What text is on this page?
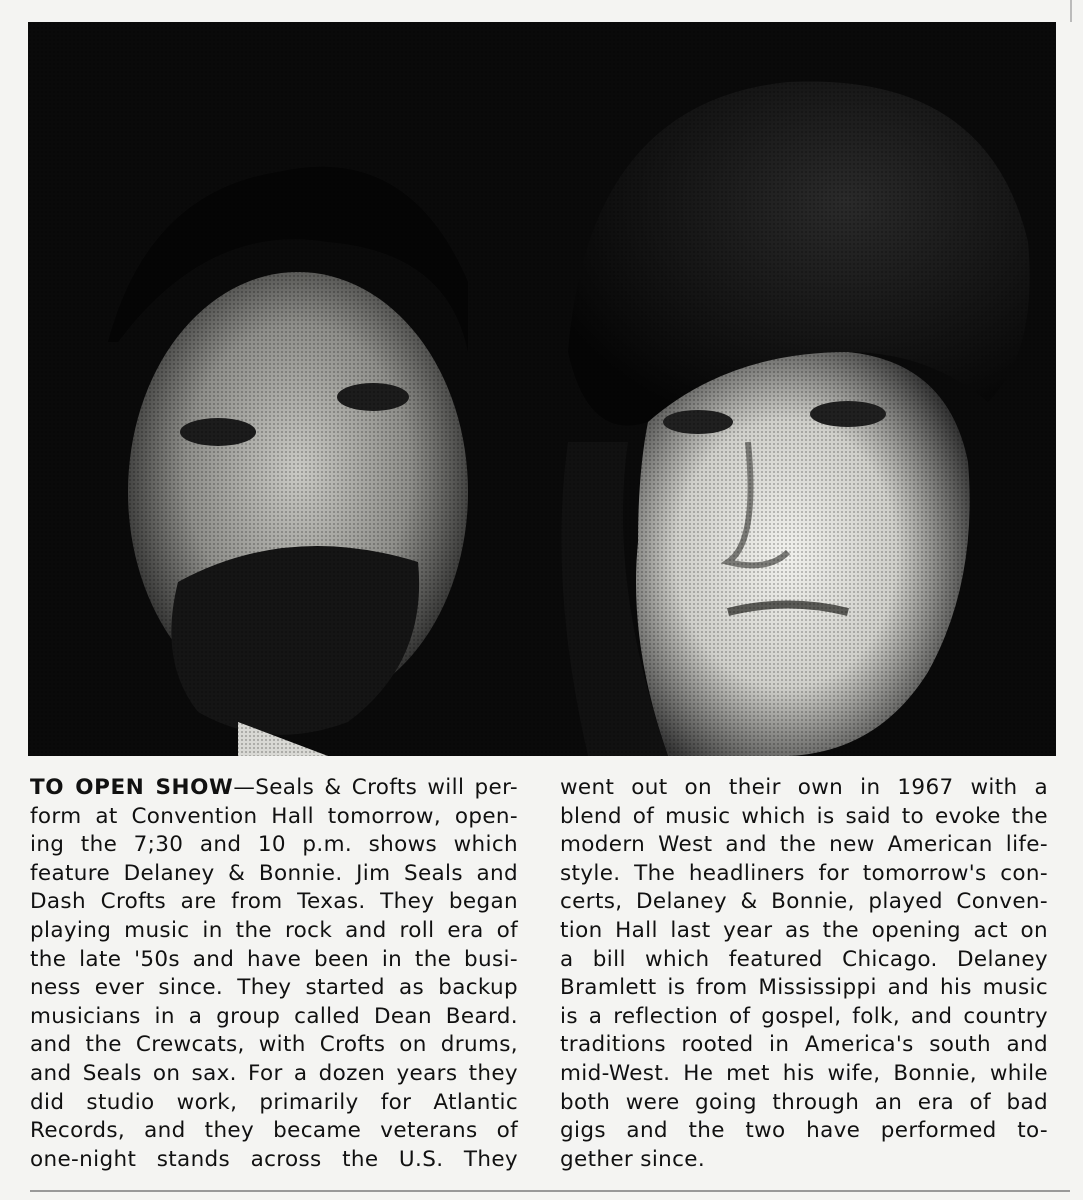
TO OPEN SHOW—Seals & Crofts will per-
form at Convention Hall tomorrow, open-
ing the 7;30 and 10 p.m. shows which
feature Delaney & Bonnie. Jim Seals and
Dash Crofts are from Texas. They began
playing music in the rock and roll era of
the late '50s and have been in the busi-
ness ever since. They started as backup
musicians in a group called Dean Beard.
and the Crewcats, with Crofts on drums,
and Seals on sax. For a dozen years they
did studio work, primarily for Atlantic
Records, and they became veterans of
one-night stands across the U.S. They
went out on their own in 1967 with a
blend of music which is said to evoke the
modern West and the new American life-
style. The headliners for tomorrow's con-
certs, Delaney & Bonnie, played Conven-
tion Hall last year as the opening act on
a bill which featured Chicago. Delaney
Bramlett is from Mississippi and his music
is a reflection of gospel, folk, and country
traditions rooted in America's south and
mid-West. He met his wife, Bonnie, while
both were going through an era of bad
gigs and the two have performed to-
gether since.
